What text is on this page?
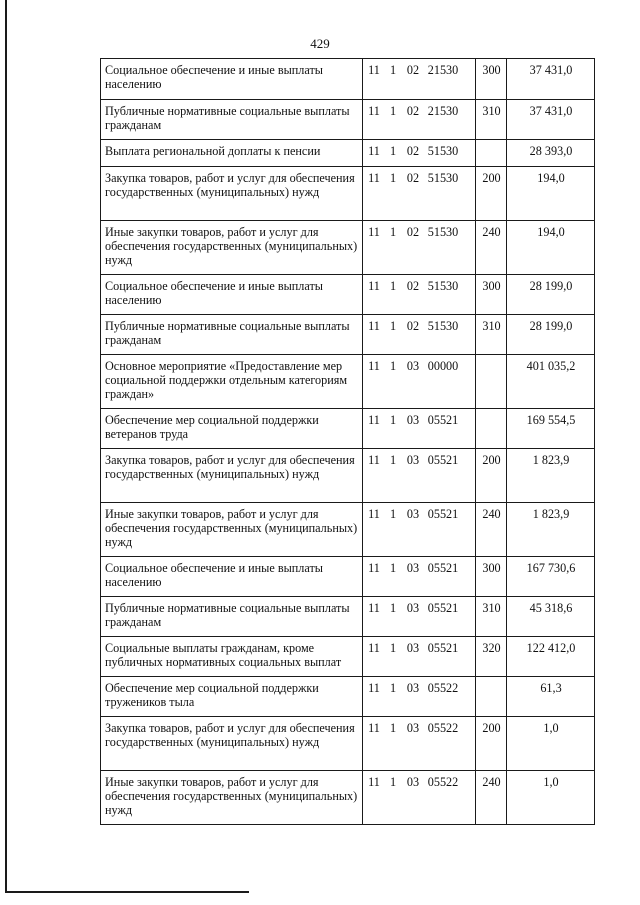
429
Социальное обеспечение и иные выплаты населению	11 1 02 21530	300	37 431,0
Публичные нормативные социальные выплаты гражданам	11 1 02 21530	310	37 431,0
Выплата региональной доплаты к пенсии	11 1 02 51530		28 393,0
Закупка товаров, работ и услуг для обеспечения государственных (муниципальных) нужд	11 1 02 51530	200	194,0
Иные закупки товаров, работ и услуг для обеспечения государственных (муниципальных) нужд	11 1 02 51530	240	194,0
Социальное обеспечение и иные выплаты населению	11 1 02 51530	300	28 199,0
Публичные нормативные социальные выплаты гражданам	11 1 02 51530	310	28 199,0
Основное мероприятие «Предоставление мер социальной поддержки отдельным категориям граждан»	11 1 03 00000		401 035,2
Обеспечение мер социальной поддержки ветеранов труда	11 1 03 05521		169 554,5
Закупка товаров, работ и услуг для обеспечения государственных (муниципальных) нужд	11 1 03 05521	200	1 823,9
Иные закупки товаров, работ и услуг для обеспечения государственных (муниципальных) нужд	11 1 03 05521	240	1 823,9
Социальное обеспечение и иные выплаты населению	11 1 03 05521	300	167 730,6
Публичные нормативные социальные выплаты гражданам	11 1 03 05521	310	45 318,6
Социальные выплаты гражданам, кроме публичных нормативных социальных выплат	11 1 03 05521	320	122 412,0
Обеспечение мер социальной поддержки тружеников тыла	11 1 03 05522		61,3
Закупка товаров, работ и услуг для обеспечения государственных (муниципальных) нужд	11 1 03 05522	200	1,0
Иные закупки товаров, работ и услуг для обеспечения государственных (муниципальных) нужд	11 1 03 05522	240	1,0
